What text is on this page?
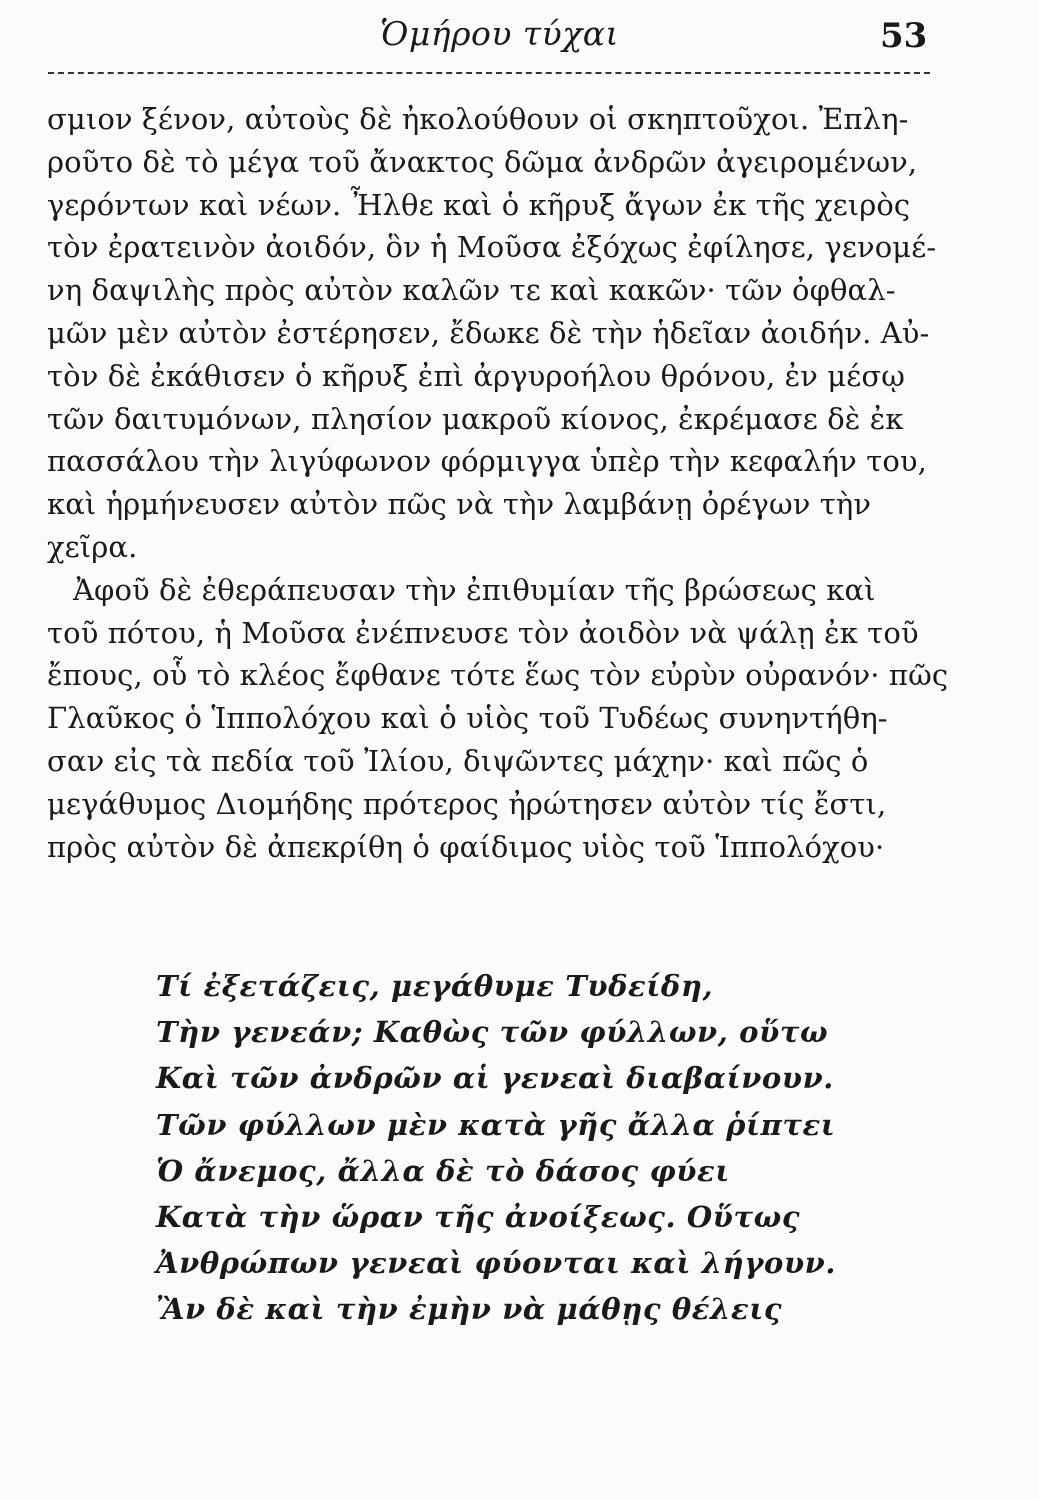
Ὁμήρου τύχαι	53
σμιον ξένον, αὐτοὺς δὲ ἠκολούθουν οἱ σκηπτοῦχοι. Ἐπλη-
ροῦτο δὲ τὸ μέγα τοῦ ἄνακτος δῶμα ἀνδρῶν ἀγειρομένων,
γερόντων καὶ νέων. Ἦλθε καὶ ὁ κῆρυξ ἄγων ἐκ τῆς χειρὸς
τὸν ἐρατεινὸν ἀοιδόν, ὃν ἡ Μοῦσα ἐξόχως ἐφίλησε, γενομέ-
νη δαψιλὴς πρὸς αὐτὸν καλῶν τε καὶ κακῶν· τῶν ὀφθαλ-
μῶν μὲν αὐτὸν ἐστέρησεν, ἔδωκε δὲ τὴν ἡδεῖαν ἀοιδήν. Αὐ-
τὸν δὲ ἐκάθισεν ὁ κῆρυξ ἐπὶ ἀργυροήλου θρόνου, ἐν μέσῳ
τῶν δαιτυμόνων, πλησίον μακροῦ κίονος, ἐκρέμασε δὲ ἐκ
πασσάλου τὴν λιγύφωνον φόρμιγγα ὑπὲρ τὴν κεφαλήν του,
καὶ ἡρμήνευσεν αὐτὸν πῶς νὰ τὴν λαμβάνῃ ὀρέγων τὴν
χεῖρα.
Ἀφοῦ δὲ ἐθεράπευσαν τὴν ἐπιθυμίαν τῆς βρώσεως καὶ
τοῦ πότου, ἡ Μοῦσα ἐνέπνευσε τὸν ἀοιδὸν νὰ ψάλῃ ἐκ τοῦ
ἔπους, οὗ τὸ κλέος ἔφθανε τότε ἕως τὸν εὐρὺν οὐρανόν· πῶς
Γλαῦκος ὁ Ἱππολόχου καὶ ὁ υἱὸς τοῦ Τυδέως συνηντήθη-
σαν εἰς τὰ πεδία τοῦ Ἰλίου, διψῶντες μάχην· καὶ πῶς ὁ
μεγάθυμος Διομήδης πρότερος ἠρώτησεν αὐτὸν τίς ἔστι,
πρὸς αὐτὸν δὲ ἀπεκρίθη ὁ φαίδιμος υἱὸς τοῦ Ἱππολόχου·
Τί ἐξετάζεις, μεγάθυμε Τυδείδη,
Τὴν γενεάν; Καθὼς τῶν φύλλων, οὕτω
Καὶ τῶν ἀνδρῶν αἱ γενεαὶ διαβαίνουν.
Τῶν φύλλων μὲν κατὰ γῆς ἄλλα ῥίπτει
Ὁ ἄνεμος, ἄλλα δὲ τὸ δάσος φύει
Κατὰ τὴν ὥραν τῆς ἀνοίξεως. Οὕτως
Ἀνθρώπων γενεαὶ φύονται καὶ λήγουν.
Ἂν δὲ καὶ τὴν ἐμὴν νὰ μάθῃς θέλεις
